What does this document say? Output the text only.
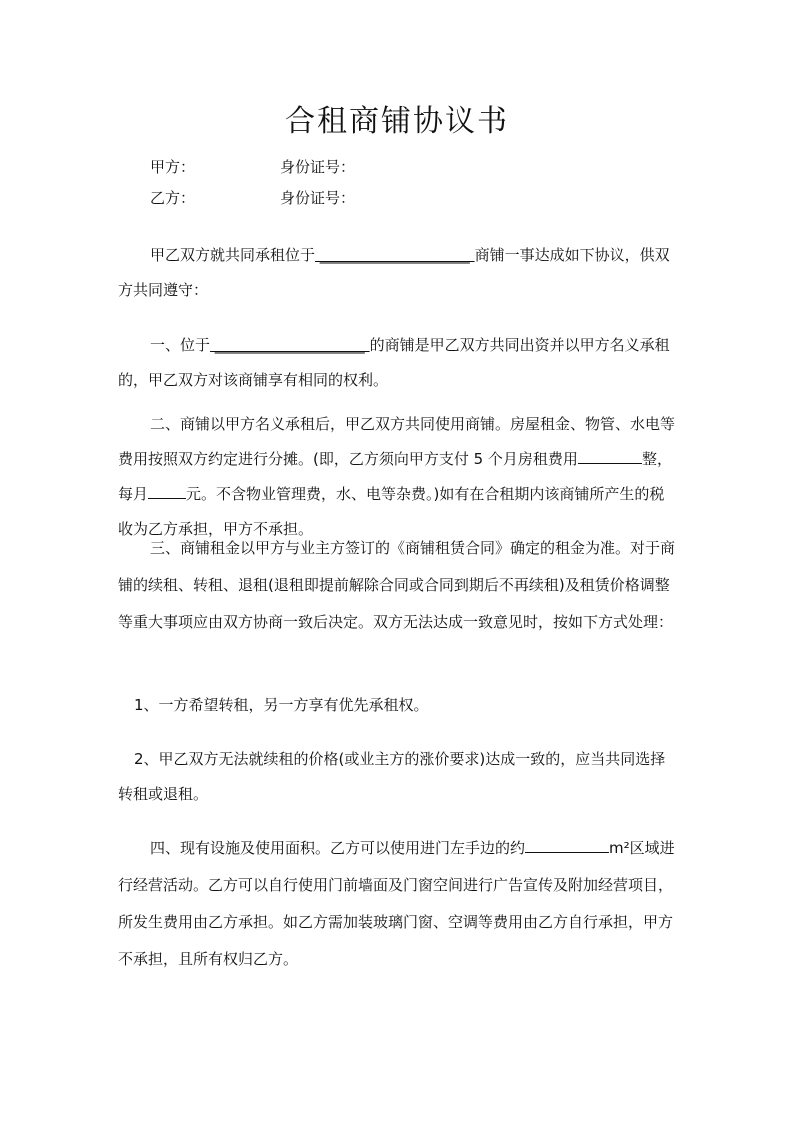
合租商铺协议书
甲方：	身份证号：
乙方：	身份证号：

甲乙双方就共同承租位于 ____________________ 商铺一事达成如下协议，供双方共同遵守：

一、位于 ____________________ 的商铺是甲乙双方共同出资并以甲方名义承租的，甲乙双方对该商铺享有相同的权利。

二、商铺以甲方名义承租后，甲乙双方共同使用商铺。房屋租金、物管、水电等费用按照双方约定进行分摊。(即，乙方须向甲方支付 5 个月房租费用	整，每月	元。不含物业管理费，水、电等杂费。)如有在合租期内该商铺所产生的税收为乙方承担，甲方不承担。

三、商铺租金以甲方与业主方签订的《商铺租赁合同》确定的租金为准。对于商铺的续租、转租、退租(退租即提前解除合同或合同到期后不再续租)及租赁价格调整等重大事项应由双方协商一致后决定。双方无法达成一致意见时，按如下方式处理：

1、一方希望转租，另一方享有优先承租权。

2、甲乙双方无法就续租的价格(或业主方的涨价要求)达成一致的，应当共同选择转租或退租。

四、现有设施及使用面积。乙方可以使用进门左手边的约	m²区域进行经营活动。乙方可以自行使用门前墙面及门窗空间进行广告宣传及附加经营项目，所发生费用由乙方承担。如乙方需加装玻璃门窗、空调等费用由乙方自行承担，甲方不承担，且所有权归乙方。
